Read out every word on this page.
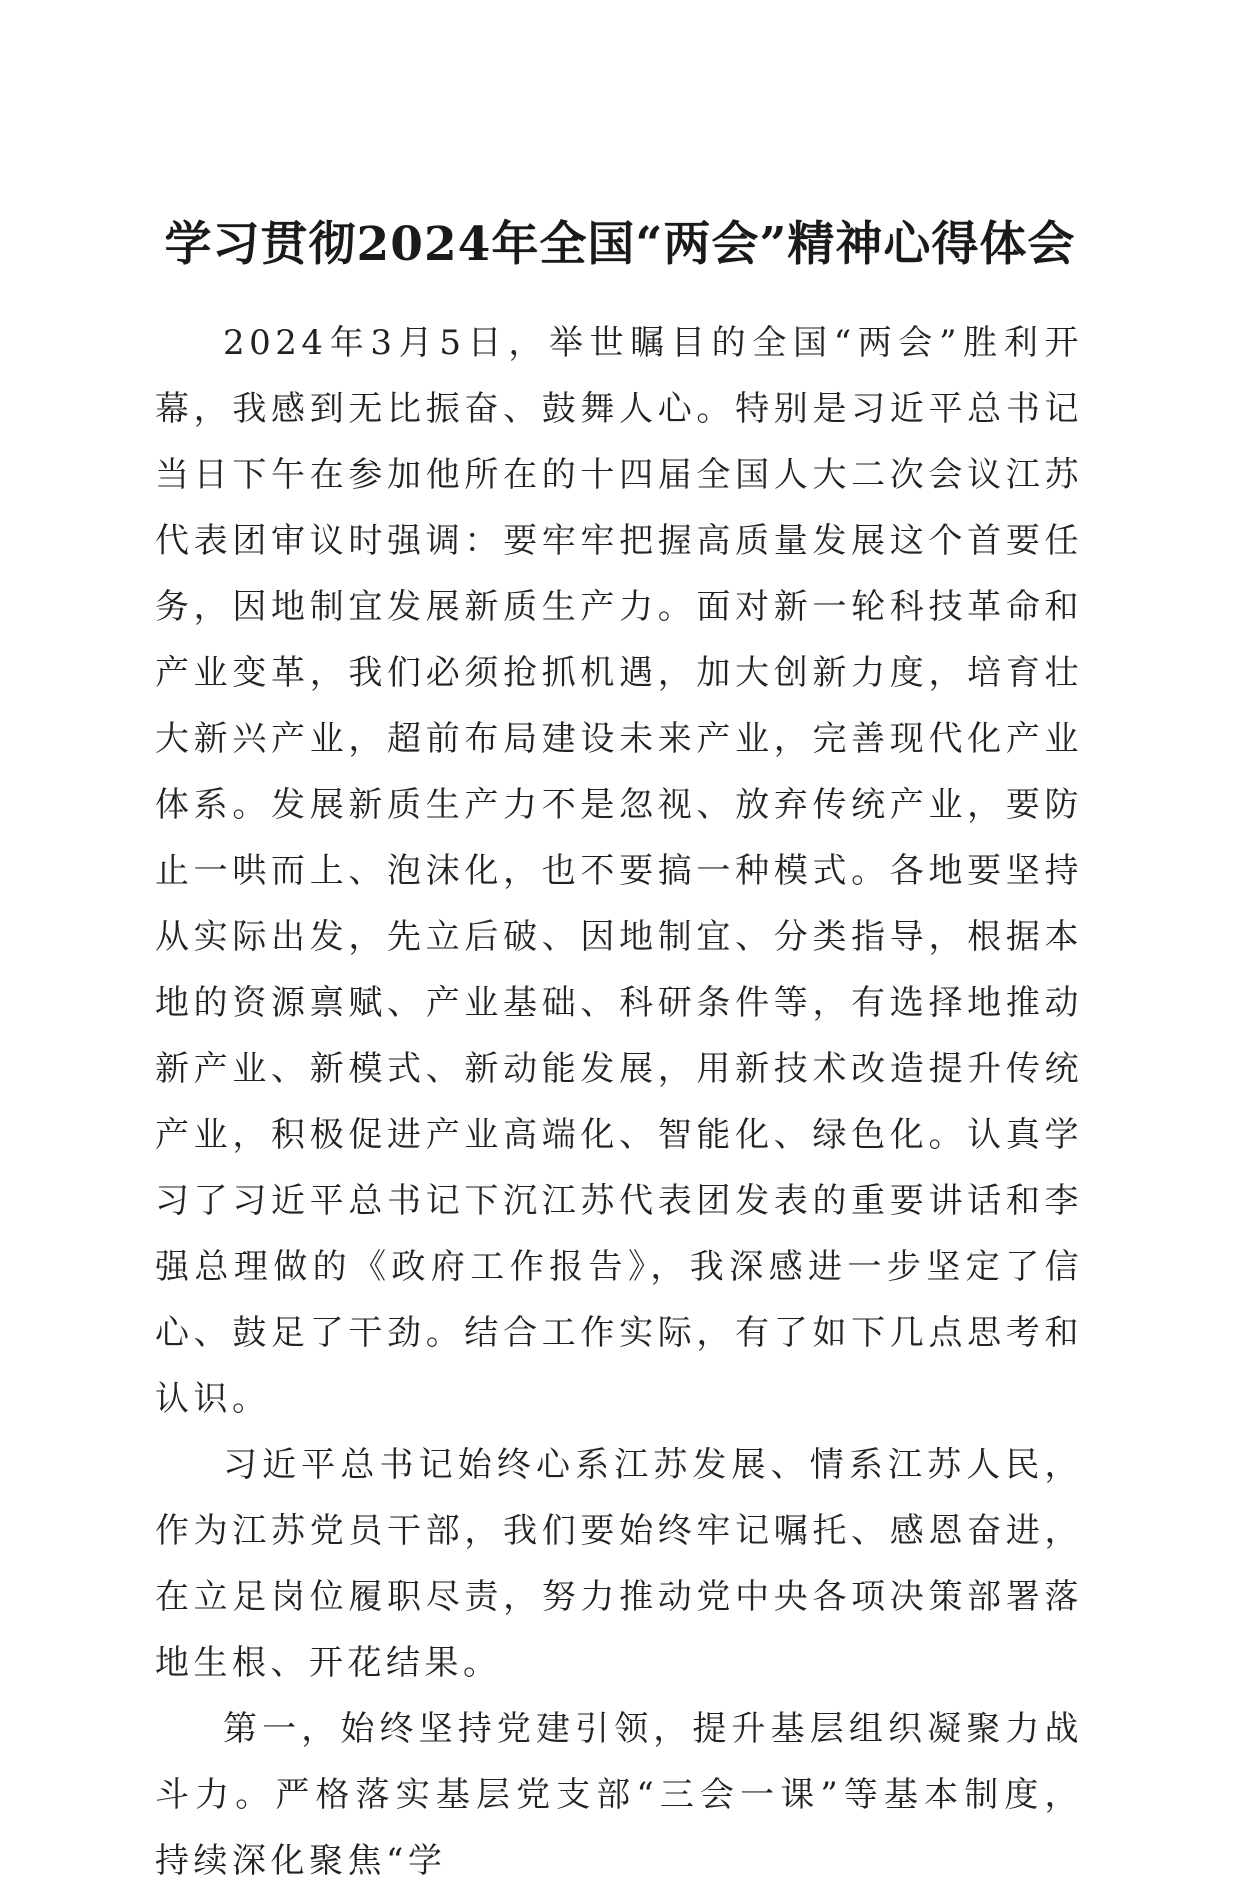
学习贯彻2024年全国“两会”精神心得体会

2024年3月5日，举世瞩目的全国“两会”胜利开幕，我感到无比振奋、鼓舞人心。特别是习近平总书记当日下午在参加他所在的十四届全国人大二次会议江苏代表团审议时强调：要牢牢把握高质量发展这个首要任务，因地制宜发展新质生产力。面对新一轮科技革命和产业变革，我们必须抢抓机遇，加大创新力度，培育壮大新兴产业，超前布局建设未来产业，完善现代化产业体系。发展新质生产力不是忽视、放弃传统产业，要防止一哄而上、泡沫化，也不要搞一种模式。各地要坚持从实际出发，先立后破、因地制宜、分类指导，根据本地的资源禀赋、产业基础、科研条件等，有选择地推动新产业、新模式、新动能发展，用新技术改造提升传统产业，积极促进产业高端化、智能化、绿色化。认真学习了习近平总书记下沉江苏代表团发表的重要讲话和李强总理做的《政府工作报告》，我深感进一步坚定了信心、鼓足了干劲。结合工作实际，有了如下几点思考和认识。

习近平总书记始终心系江苏发展、情系江苏人民，作为江苏党员干部，我们要始终牢记嘱托、感恩奋进，在立足岗位履职尽责，努力推动党中央各项决策部署落地生根、开花结果。

第一，始终坚持党建引领，提升基层组织凝聚力战斗力。严格落实基层党支部“三会一课”等基本制度，持续深化聚焦“学
